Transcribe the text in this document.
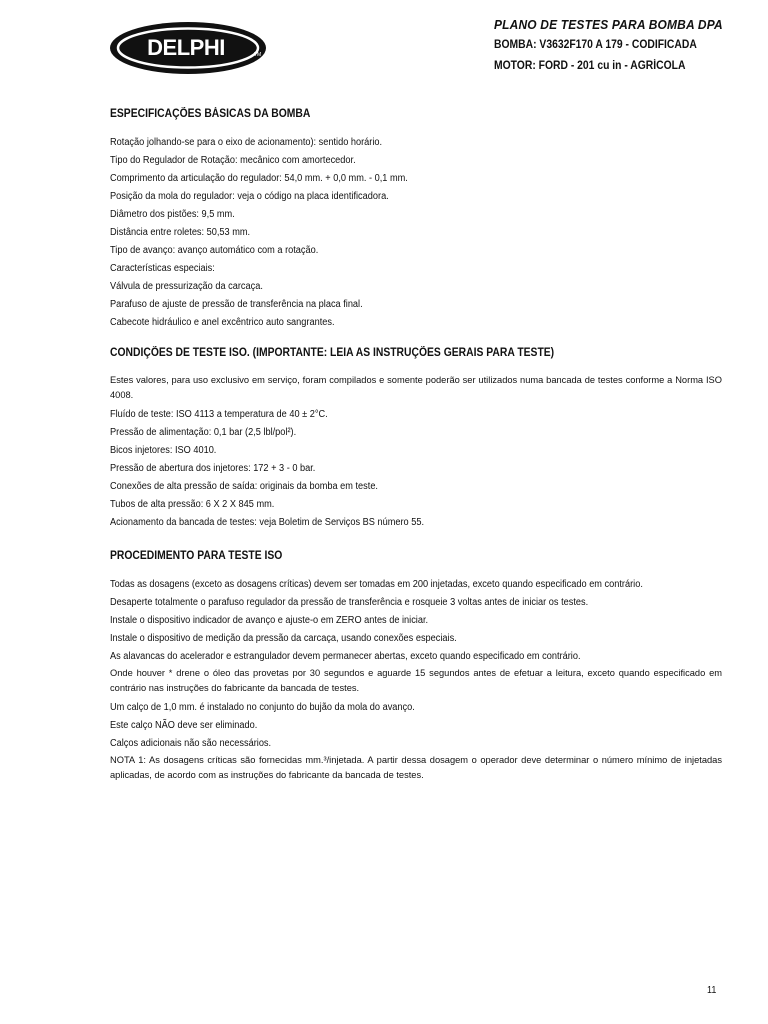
DELPHI	TM
PLANO DE TESTES PARA BOMBA DPA
BOMBA: V3632F170 A 179 - CODIFICADA
MOTOR: FORD - 201 cu in - AGRÍCOLA
ESPECIFICAÇÕES BÁSICAS DA BOMBA

Rotação jolhando-se para o eixo de acionamento): sentido horário.

Tipo do Regulador de Rotação: mecânico com amortecedor.

Comprimento da articulação do regulador: 54,0 mm. + 0,0 mm. - 0,1 mm.

Posição da mola do regulador: veja o código na placa identificadora.

Diâmetro dos pistões: 9,5 mm.

Distância entre roletes: 50,53 mm.

Tipo de avanço: avanço automático com a rotação.

Características especiais:

Válvula de pressurização da carcaça.

Parafuso de ajuste de pressão de transferência na placa final.

Cabecote hidráulico e anel excêntrico auto sangrantes.

CONDIÇÕES DE TESTE ISO. (IMPORTANTE: LEIA AS INSTRUÇÕES GERAIS PARA TESTE)

Estes valores, para uso exclusivo em serviço, foram compilados e somente poderão ser utilizados numa bancada de testes conforme a Norma ISO 4008.

Fluído de teste: ISO 4113 a temperatura de 40 ± 2°C.

Pressão de alimentação: 0,1 bar (2,5 lbl/pol²).

Bicos injetores: ISO 4010.

Pressão de abertura dos injetores: 172 + 3 - 0 bar.

Conexões de alta pressão de saída: originais da bomba em teste.

Tubos de alta pressão: 6 X 2 X 845 mm.

Acionamento da bancada de testes: veja Boletim de Serviços BS número 55.

PROCEDIMENTO PARA TESTE ISO

Todas as dosagens (exceto as dosagens críticas) devem ser tomadas em 200 injetadas, exceto quando especificado em contrário.

Desaperte totalmente o parafuso regulador da pressão de transferência e rosqueie 3 voltas antes de iniciar os testes.

Instale o dispositivo indicador de avanço e ajuste-o em ZERO antes de iniciar.

Instale o dispositivo de medição da pressão da carcaça, usando conexões especiais.

As alavancas do acelerador e estrangulador devem permanecer abertas, exceto quando especificado em contrário.

Onde houver * drene o óleo das provetas por 30 segundos e aguarde 15 segundos antes de efetuar a leitura, exceto quando especificado em contrário nas instruções do fabricante da bancada de testes.

Um calço de 1,0 mm. é instalado no conjunto do bujão da mola do avanço.

Este calço NÃO deve ser eliminado.

Calços adicionais não são necessários.

NOTA 1: As dosagens críticas são fornecidas mm.³/injetada. A partir dessa dosagem o operador deve determinar o número mínimo de injetadas aplicadas, de acordo com as instruções do fabricante da bancada de testes.

11
